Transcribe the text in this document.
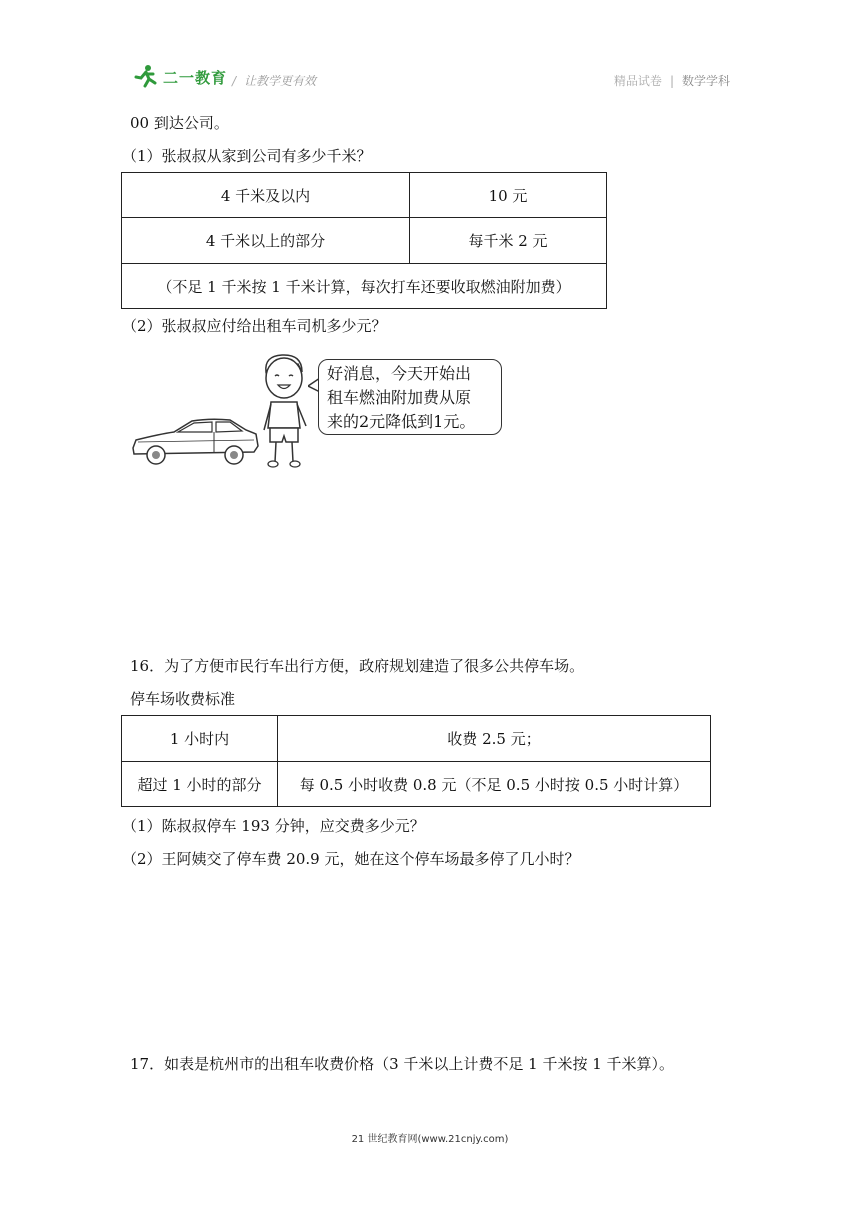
二一教育 / 让教学更有效	精品试卷 | 数学学科
00 到达公司。
（1）张叔叔从家到公司有多少千米？
4 千米及以内	10 元
4 千米以上的部分	每千米 2 元
（不足 1 千米按 1 千米计算，每次打车还要收取燃油附加费）	
（2）张叔叔应付给出租车司机多少元？
好消息，今天开始出
租车燃油附加费从原
来的2元降低到1元。
16．为了方便市民行车出行方便，政府规划建造了很多公共停车场。
停车场收费标准
1 小时内	收费 2.5 元；
超过 1 小时的部分	每 0.5 小时收费 0.8 元（不足 0.5 小时按 0.5 小时计算）
（1）陈叔叔停车 193 分钟，应交费多少元？
（2）王阿姨交了停车费 20.9 元，她在这个停车场最多停了几小时？
17．如表是杭州市的出租车收费价格（3 千米以上计费不足 1 千米按 1 千米算）。
21 世纪教育网(www.21cnjy.com)
